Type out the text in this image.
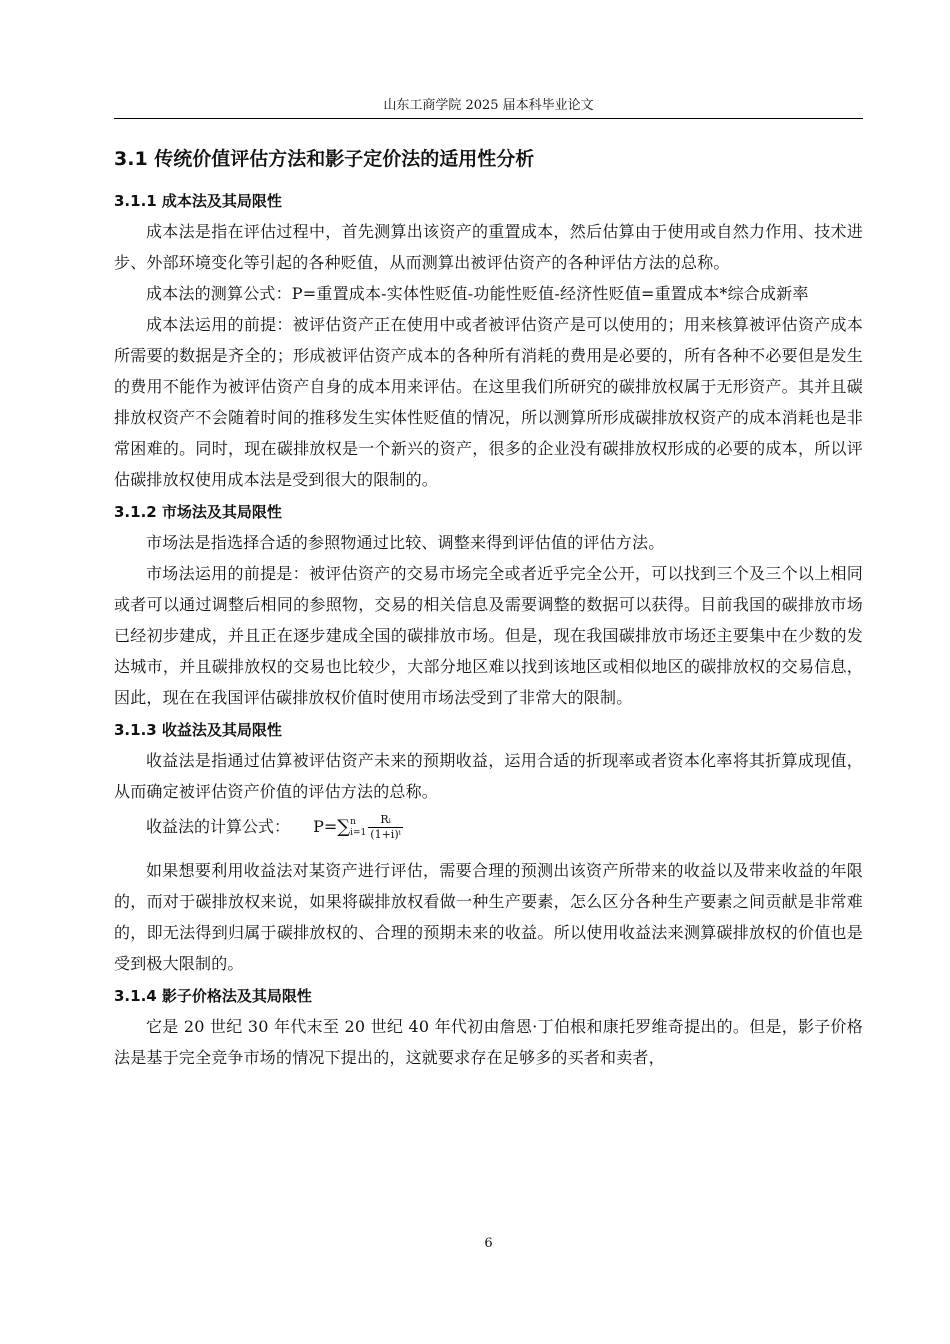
山东工商学院 2025 届本科毕业论文
3.1 传统价值评估方法和影子定价法的适用性分析
3.1.1 成本法及其局限性

成本法是指在评估过程中，首先测算出该资产的重置成本，然后估算由于使用或自然力作用、技术进步、外部环境变化等引起的各种贬值，从而测算出被评估资产的各种评估方法的总称。

成本法的测算公式：P=重置成本-实体性贬值-功能性贬值-经济性贬值=重置成本*综合成新率

成本法运用的前提：被评估资产正在使用中或者被评估资产是可以使用的；用来核算被评估资产成本所需要的数据是齐全的；形成被评估资产成本的各种所有消耗的费用是必要的，所有各种不必要但是发生的费用不能作为被评估资产自身的成本用来评估。在这里我们所研究的碳排放权属于无形资产。其并且碳排放权资产不会随着时间的推移发生实体性贬值的情况，所以测算所形成碳排放权资产的成本消耗也是非常困难的。同时，现在碳排放权是一个新兴的资产，很多的企业没有碳排放权形成的必要的成本，所以评估碳排放权使用成本法是受到很大的限制的。

3.1.2 市场法及其局限性

市场法是指选择合适的参照物通过比较、调整来得到评估值的评估方法。

市场法运用的前提是：被评估资产的交易市场完全或者近乎完全公开，可以找到三个及三个以上相同或者可以通过调整后相同的参照物，交易的相关信息及需要调整的数据可以获得。目前我国的碳排放市场已经初步建成，并且正在逐步建成全国的碳排放市场。但是，现在我国碳排放市场还主要集中在少数的发达城市，并且碳排放权的交易也比较少，大部分地区难以找到该地区或相似地区的碳排放权的交易信息，因此，现在在我国评估碳排放权价值时使用市场法受到了非常大的限制。

3.1.3 收益法及其局限性

收益法是指通过估算被评估资产未来的预期收益，运用合适的折现率或者资本化率将其折算成现值，从而确定被评估资产价值的评估方法的总称。

收益法的计算公式： P=∑ n
$i=1 \frac{\text{Rᵢ}}{\text{(1+i)ⁱ}}$

如果想要利用收益法对某资产进行评估，需要合理的预测出该资产所带来的收益以及带来收益的年限的，而对于碳排放权来说，如果将碳排放权看做一种生产要素，怎么区分各种生产要素之间贡献是非常难的，即无法得到归属于碳排放权的、合理的预期未来的收益。所以使用收益法来测算碳排放权的价值也是受到极大限制的。

3.1.4 影子价格法及其局限性

它是 20 世纪 30 年代末至 20 世纪 40 年代初由詹恩·丁伯根和康托罗维奇提出的。但是，影子价格法是基于完全竞争市场的情况下提出的，这就要求存在足够多的买者和卖者，

6
